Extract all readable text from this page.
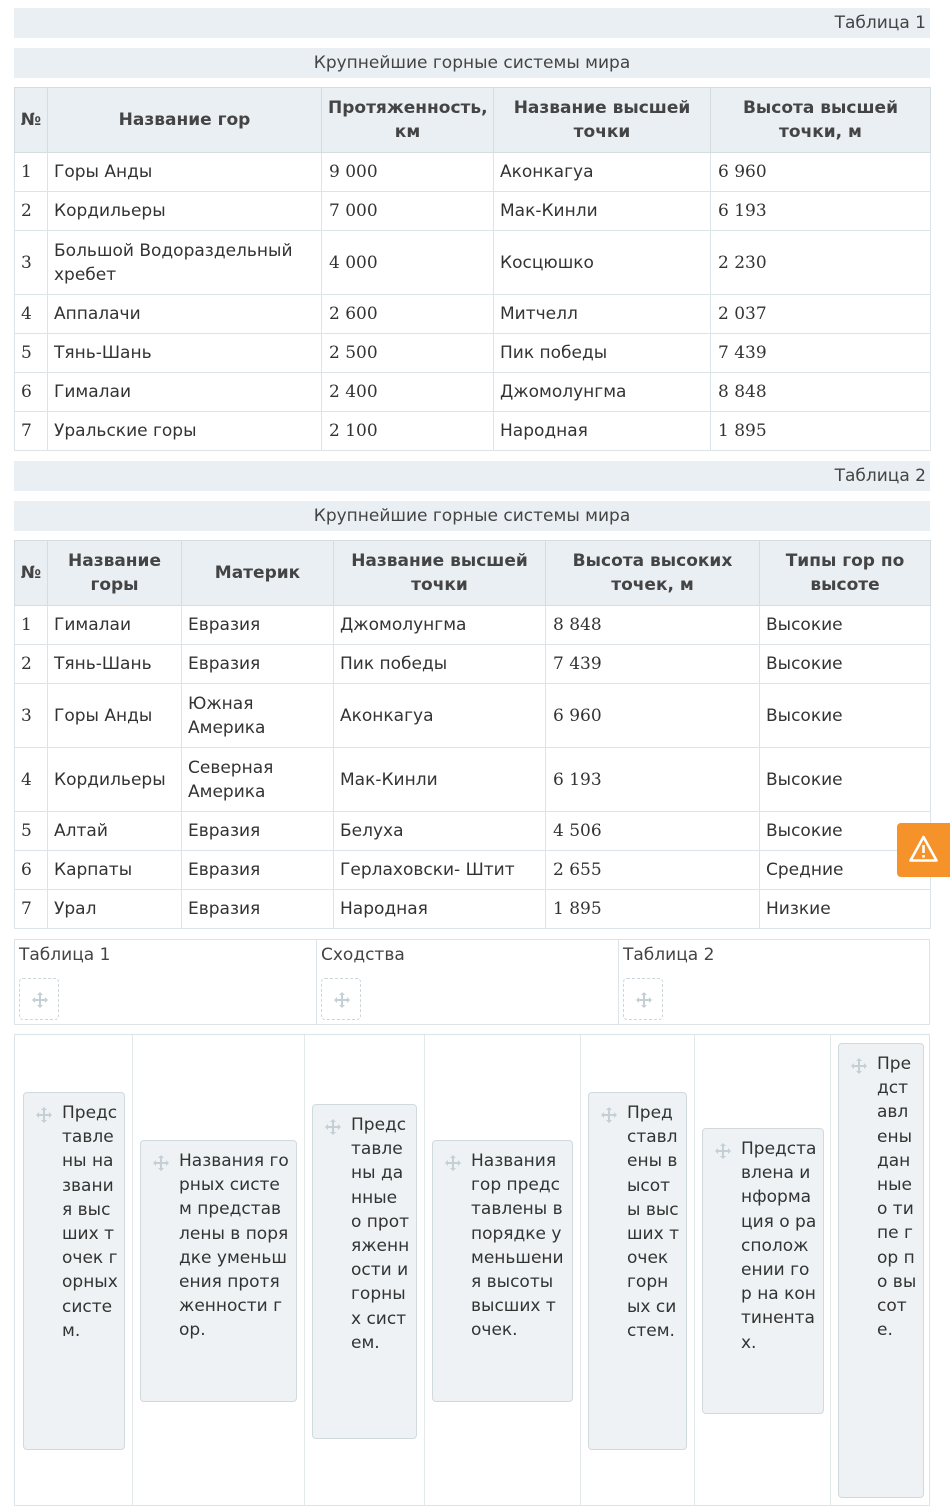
Таблица 1
Крупнейшие горные системы мира
№	Название гор	Протяженность, км	Название высшей точки	Высота высшей точки, м
1	Горы Анды	9 000	Аконкагуа	6 960
2	Кордильеры	7 000	Мак-Кинли	6 193
3	Большой Водораздельный хребет	4 000	Косцюшко	2 230
4	Аппалачи	2 600	Митчелл	2 037
5	Тянь-Шань	2 500	Пик победы	7 439
6	Гималаи	2 400	Джомолунгма	8 848
7	Уральские горы	2 100	Народная	1 895
Таблица 2
Крупнейшие горные системы мира
№	Название горы	Материк	Название высшей точки	Высота высоких точек, м	Типы гор по высоте
1	Гималаи	Евразия	Джомолунгма	8 848	Высокие
2	Тянь-Шань	Евразия	Пик победы	7 439	Высокие
3	Горы Анды	Южная Америка	Аконкагуа	6 960	Высокие
4	Кордильеры	Северная Америка	Мак-Кинли	6 193	Высокие
5	Алтай	Евразия	Белуха	4 506	Высокие
6	Карпаты	Евразия	Герлаховски- Штит	2 655	Средние
7	Урал	Евразия	Народная	1 895	Низкие
Таблица 1	Сходства	Таблица 2
Представлены названия высших точек горных систем.
Названия горных систем представлены в порядке уменьшения протяженности гор.
Представлены данные о протяженности и горных систем.
Названия гор представлены в порядке уменьшения высоты высших точек.
Представлены высоты высших точек горных систем.
Представлена информация о расположении гор на континентах.
Представлены данные о типе гор по высоте.
